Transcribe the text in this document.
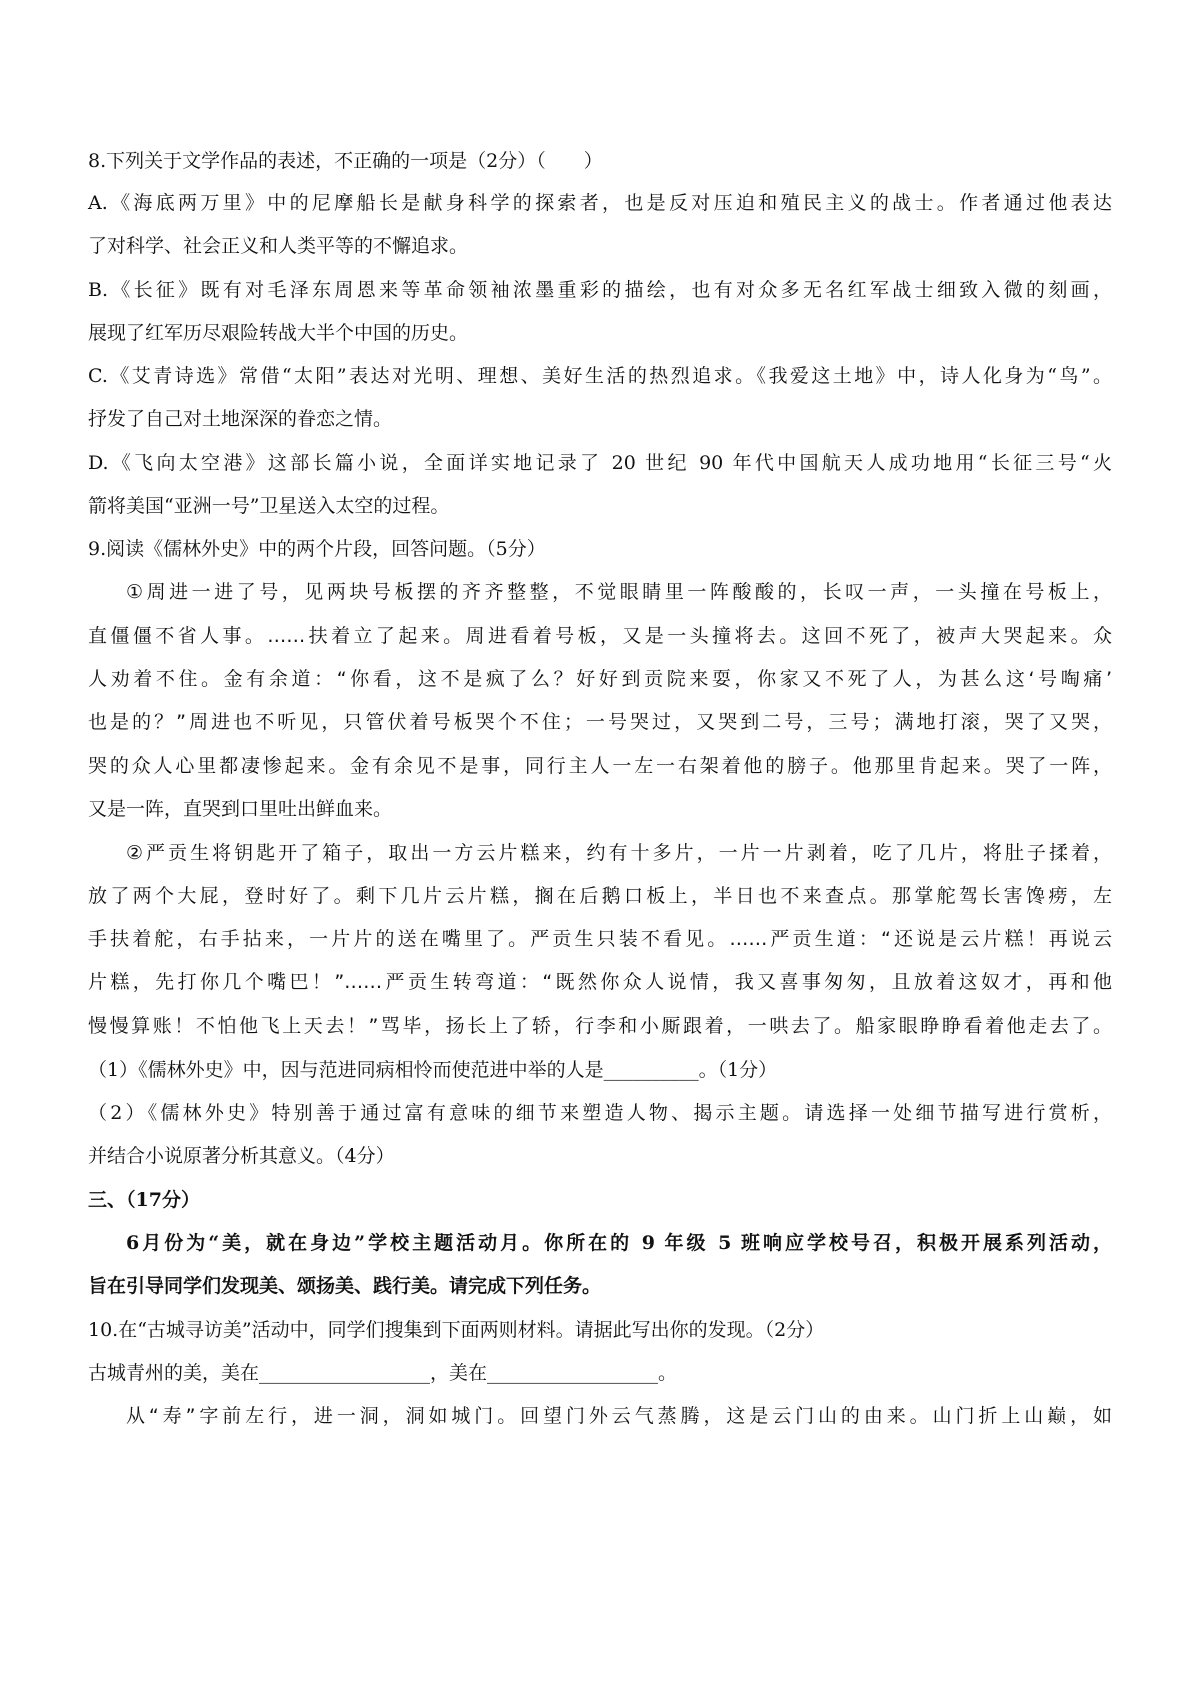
8.下列关于文学作品的表述，不正确的一项是（2分）（　　）
A.《海底两万里》中的尼摩船长是献身科学的探索者，也是反对压迫和殖民主义的战士。作者通过他表达
了对科学、社会正义和人类平等的不懈追求。
B.《长征》既有对毛泽东周恩来等革命领袖浓墨重彩的描绘，也有对众多无名红军战士细致入微的刻画，
展现了红军历尽艰险转战大半个中国的历史。
C.《艾青诗选》常借“太阳”表达对光明、理想、美好生活的热烈追求。《我爱这土地》中，诗人化身为“鸟”。
抒发了自己对土地深深的眷恋之情。
D.《飞向太空港》这部长篇小说，全面详实地记录了 20 世纪 90 年代中国航天人成功地用“长征三号“火
箭将美国“亚洲一号”卫星送入太空的过程。
9.阅读《儒林外史》中的两个片段，回答问题。（5分）
①周进一进了号，见两块号板摆的齐齐整整，不觉眼睛里一阵酸酸的，长叹一声，一头撞在号板上，
直僵僵不省人事。……扶着立了起来。周进看着号板，又是一头撞将去。这回不死了，被声大哭起来。众
人劝着不住。金有余道：“你看，这不是疯了么？好好到贡院来耍，你家又不死了人，为甚么这‘号啕痛’
也是的？”周进也不听见，只管伏着号板哭个不住；一号哭过，又哭到二号，三号；满地打滚，哭了又哭，
哭的众人心里都凄惨起来。金有余见不是事，同行主人一左一右架着他的膀子。他那里肯起来。哭了一阵，
又是一阵，直哭到口里吐出鲜血来。
②严贡生将钥匙开了箱子，取出一方云片糕来，约有十多片，一片一片剥着，吃了几片，将肚子揉着，
放了两个大屁，登时好了。剩下几片云片糕，搁在后鹅口板上，半日也不来查点。那掌舵驾长害馋痨，左
手扶着舵，右手拈来，一片片的送在嘴里了。严贡生只装不看见。……严贡生道：“还说是云片糕！再说云
片糕，先打你几个嘴巴！”……严贡生转弯道：“既然你众人说情，我又喜事匆匆，且放着这奴才，再和他
慢慢算账！不怕他飞上天去！”骂毕，扬长上了轿，行李和小厮跟着，一哄去了。船家眼睁睁看着他走去了。
（1）《儒林外史》中，因与范进同病相怜而使范进中举的人是__________。（1分）
（2）《儒林外史》特别善于通过富有意味的细节来塑造人物、揭示主题。请选择一处细节描写进行赏析，
并结合小说原著分析其意义。（4分）
三、（17分）
6月份为“美，就在身边”学校主题活动月。你所在的 9 年级 5 班响应学校号召，积极开展系列活动，
旨在引导同学们发现美、颂扬美、践行美。请完成下列任务。
10.在“古城寻访美”活动中，同学们搜集到下面两则材料。请据此写出你的发现。（2分）
古城青州的美，美在__________________，美在__________________。
从“寿”字前左行，进一洞，洞如城门。回望门外云气蒸腾，这是云门山的由来。山门折上山巅，如
